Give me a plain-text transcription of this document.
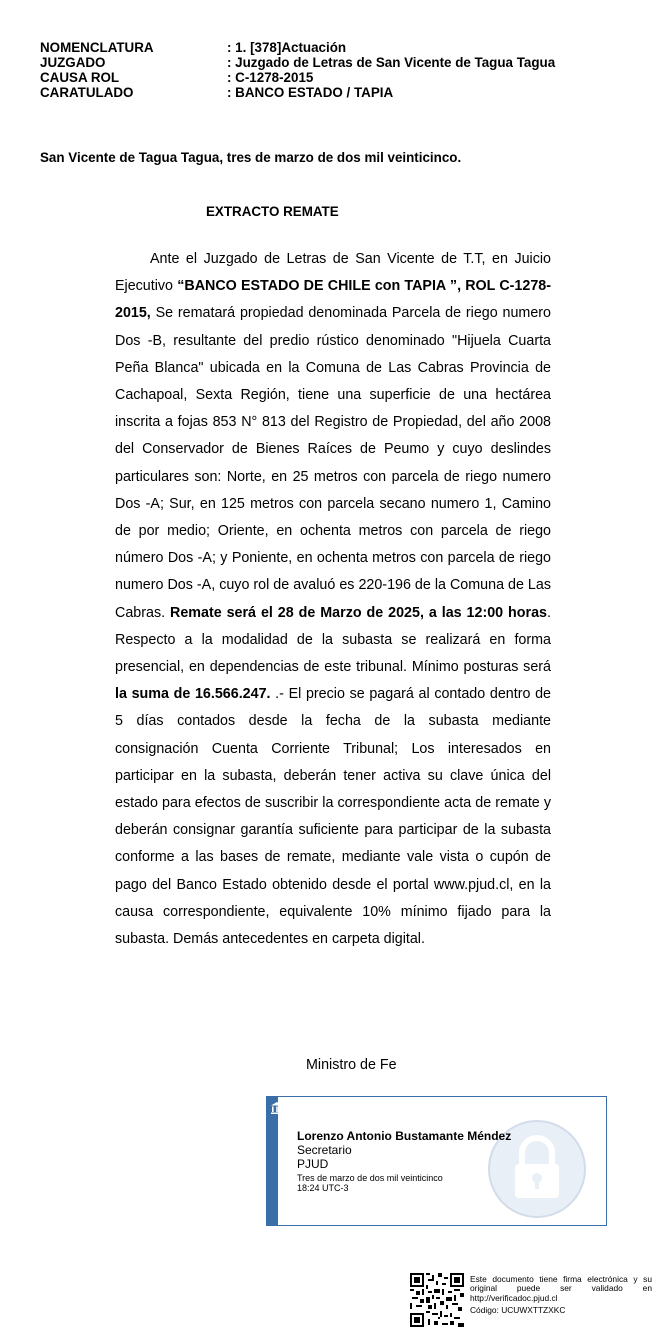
NOMENCLATURA	: 1. [378]Actuación
JUZGADO	: Juzgado de Letras de San Vicente de Tagua Tagua
CAUSA ROL	: C-1278-2015
CARATULADO	: BANCO ESTADO / TAPIA
San Vicente de Tagua Tagua, tres de marzo de dos mil veinticinco.
EXTRACTO REMATE

Ante el Juzgado de Letras de San Vicente de T.T, en Juicio Ejecutivo “BANCO ESTADO DE CHILE con TAPIA ”, ROL C-1278-2015, Se rematará propiedad denominada Parcela de riego numero Dos -B, resultante del predio rústico denominado "Hijuela Cuarta Peña Blanca" ubicada en la Comuna de Las Cabras Provincia de Cachapoal, Sexta Región, tiene una superficie de una hectárea inscrita a fojas 853 N° 813 del Registro de Propiedad, del año 2008 del Conservador de Bienes Raíces de Peumo y cuyo deslindes particulares son: Norte, en 25 metros con parcela de riego numero Dos -A; Sur, en 125 metros con parcela secano numero 1, Camino de por medio; Oriente, en ochenta metros con parcela de riego número Dos -A; y Poniente, en ochenta metros con parcela de riego numero Dos -A, cuyo rol de avaluó es 220-196 de la Comuna de Las Cabras. Remate será el 28 de Marzo de 2025, a las 12:00 horas. Respecto a la modalidad de la subasta se realizará en forma presencial, en dependencias de este tribunal. Mínimo posturas será la suma de 16.566.247. .- El precio se pagará al contado dentro de 5 días contados desde la fecha de la subasta mediante consignación Cuenta Corriente Tribunal; Los interesados en participar en la subasta, deberán tener activa su clave única del estado para efectos de suscribir la correspondiente acta de remate y deberán consignar garantía suficiente para participar de la subasta conforme a las bases de remate, mediante vale vista o cupón de pago del Banco Estado obtenido desde el portal www.pjud.cl, en la causa correspondiente, equivalente 10% mínimo fijado para la subasta. Demás antecedentes en carpeta digital.

Ministro de Fe
Lorenzo Antonio Bustamante Méndez
Secretario
PJUD
Tres de marzo de dos mil veinticinco
18:24 UTC-3
Este documento tiene firma electrónica y su original puede ser validado en http://verificadoc.pjud.cl
Código: UCUWXTTZXKC
